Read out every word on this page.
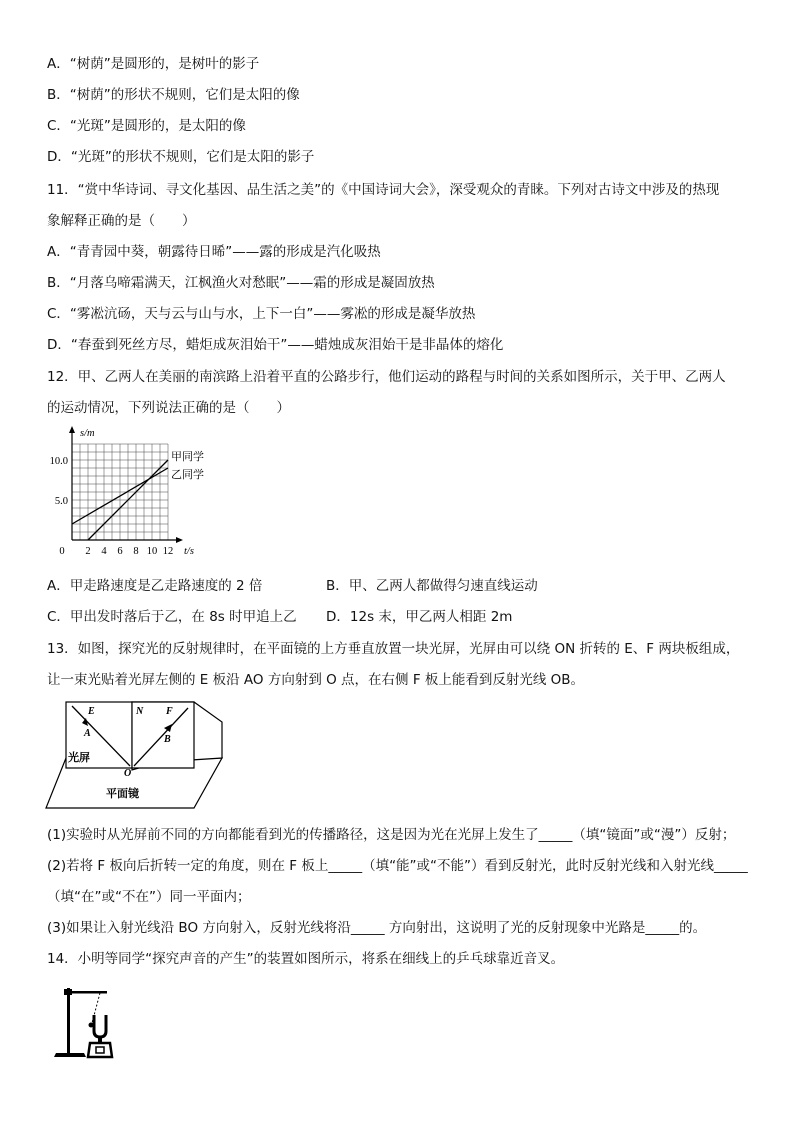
A．“树荫”是圆形的，是树叶的影子
B．“树荫”的形状不规则，它们是太阳的像
C．“光斑”是圆形的，是太阳的像
D．“光斑”的形状不规则，它们是太阳的影子
11．“赏中华诗词、寻文化基因、品生活之美”的《中国诗词大会》，深受观众的青睐。下列对古诗文中涉及的热现
象解释正确的是（　　）
A．“青青园中葵，朝露待日晞”——露的形成是汽化吸热
B．“月落乌啼霜满天，江枫渔火对愁眠”——霜的形成是凝固放热
C．“雾凇沆砀，天与云与山与水，上下一白”——雾凇的形成是凝华放热
D．“春蚕到死丝方尽，蜡炬成灰泪始干”——蜡烛成灰泪始干是非晶体的熔化
12．甲、乙两人在美丽的南滨路上沿着平直的公路步行，他们运动的路程与时间的关系如图所示，关于甲、乙两人
的运动情况，下列说法正确的是（　　）
0 2 4 6 8 10 12
5.0
10.0
s/m
t/s
甲同学
乙同学
A．甲走路速度是乙走路速度的 2 倍	B．甲、乙两人都做得匀速直线运动
C．甲出发时落后于乙，在 8s 时甲追上乙 D．12s 末，甲乙两人相距 2m
13．如图，探究光的反射规律时，在平面镜的上方垂直放置一块光屏，光屏由可以绕 ON 折转的 E、F 两块板组成，
让一束光贴着光屏左侧的 E 板沿 AO 方向射到 O 点，在右侧 F 板上能看到反射光线 OB。
E	N F
A
B
O
光屏
平面镜
(1)实验时从光屏前不同的方向都能看到光的传播路径，这是因为光在光屏上发生了_____（填“镜面”或“漫”）反射；
(2)若将 F 板向后折转一定的角度，则在 F 板上_____（填“能”或“不能”）看到反射光，此时反射光线和入射光线_____
（填“在”或“不在”）同一平面内；
(3)如果让入射光线沿 BO 方向射入，反射光线将沿_____ 方向射出，这说明了光的反射现象中光路是_____的。
14．小明等同学“探究声音的产生”的装置如图所示，将系在细线上的乒乓球靠近音叉。
